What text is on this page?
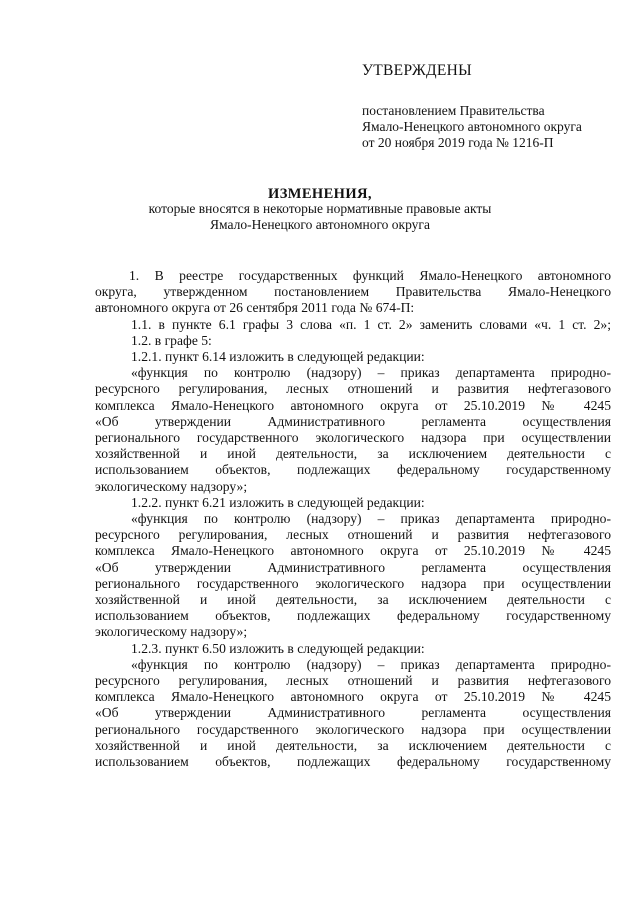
УТВЕРЖДЕНЫ
постановлением Правительства
Ямало-Ненецкого автономного округа
от 20 ноября 2019 года № 1216-П
ИЗМЕНЕНИЯ,
которые вносятся в некоторые нормативные правовые акты
Ямало-Ненецкого автономного округа
1. В реестре государственных функций Ямало-Ненецкого автономного
округа, утвержденном постановлением Правительства Ямало-Ненецкого
автономного округа от 26 сентября 2011 года № 674-П:
1.1. в пункте 6.1 графы 3 слова «п. 1 ст. 2» заменить словами «ч. 1 ст. 2»;
1.2. в графе 5:
1.2.1. пункт 6.14 изложить в следующей редакции:
«функция по контролю (надзору) – приказ департамента природно-
ресурсного регулирования, лесных отношений и развития нефтегазового
комплекса Ямало-Ненецкого автономного округа от 25.10.2019 № 4245
«Об утверждении Административного регламента осуществления
регионального государственного экологического надзора при осуществлении
хозяйственной и иной деятельности, за исключением деятельности с
использованием объектов, подлежащих федеральному государственному
экологическому надзору»;
1.2.2. пункт 6.21 изложить в следующей редакции:
«функция по контролю (надзору) – приказ департамента природно-
ресурсного регулирования, лесных отношений и развития нефтегазового
комплекса Ямало-Ненецкого автономного округа от 25.10.2019 № 4245
«Об утверждении Административного регламента осуществления
регионального государственного экологического надзора при осуществлении
хозяйственной и иной деятельности, за исключением деятельности с
использованием объектов, подлежащих федеральному государственному
экологическому надзору»;
1.2.3. пункт 6.50 изложить в следующей редакции:
«функция по контролю (надзору) – приказ департамента природно-
ресурсного регулирования, лесных отношений и развития нефтегазового
комплекса Ямало-Ненецкого автономного округа от 25.10.2019 № 4245
«Об утверждении Административного регламента осуществления
регионального государственного экологического надзора при осуществлении
хозяйственной и иной деятельности, за исключением деятельности с
использованием объектов, подлежащих федеральному государственному
